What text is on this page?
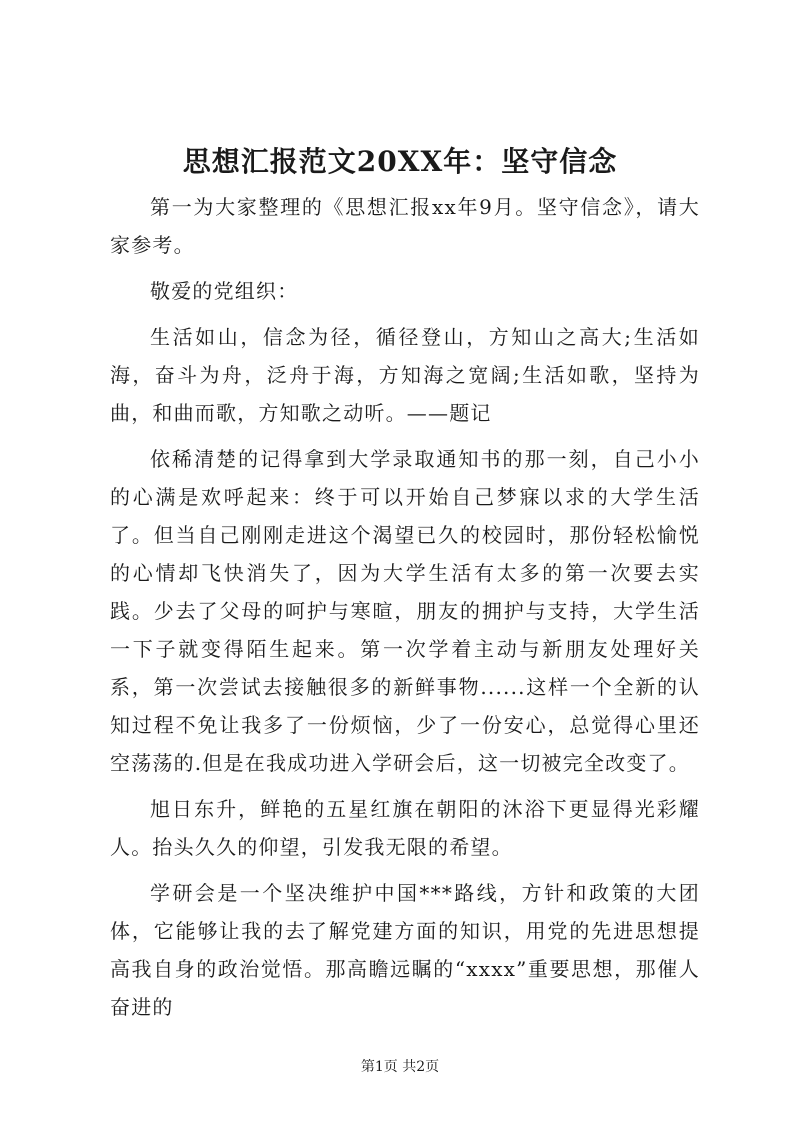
思想汇报范文20XX年：坚守信念

第一为大家整理的《思想汇报xx年9月。坚守信念》，请大家参考。

敬爱的党组织：

生活如山，信念为径，循径登山，方知山之高大;生活如海，奋斗为舟，泛舟于海，方知海之宽阔;生活如歌，坚持为曲，和曲而歌，方知歌之动听。——题记

依稀清楚的记得拿到大学录取通知书的那一刻，自己小小的心满是欢呼起来：终于可以开始自己梦寐以求的大学生活了。但当自己刚刚走进这个渴望已久的校园时，那份轻松愉悦的心情却飞快消失了，因为大学生活有太多的第一次要去实践。少去了父母的呵护与寒暄，朋友的拥护与支持，大学生活一下子就变得陌生起来。第一次学着主动与新朋友处理好关系，第一次尝试去接触很多的新鲜事物......这样一个全新的认知过程不免让我多了一份烦恼，少了一份安心，总觉得心里还空荡荡的.但是在我成功进入学研会后，这一切被完全改变了。

旭日东升，鲜艳的五星红旗在朝阳的沐浴下更显得光彩耀人。抬头久久的仰望，引发我无限的希望。

学研会是一个坚决维护中国***路线，方针和政策的大团体，它能够让我的去了解党建方面的知识，用党的先进思想提高我自身的政治觉悟。那高瞻远瞩的“xxxx”重要思想，那催人奋进的

第1页 共2页
